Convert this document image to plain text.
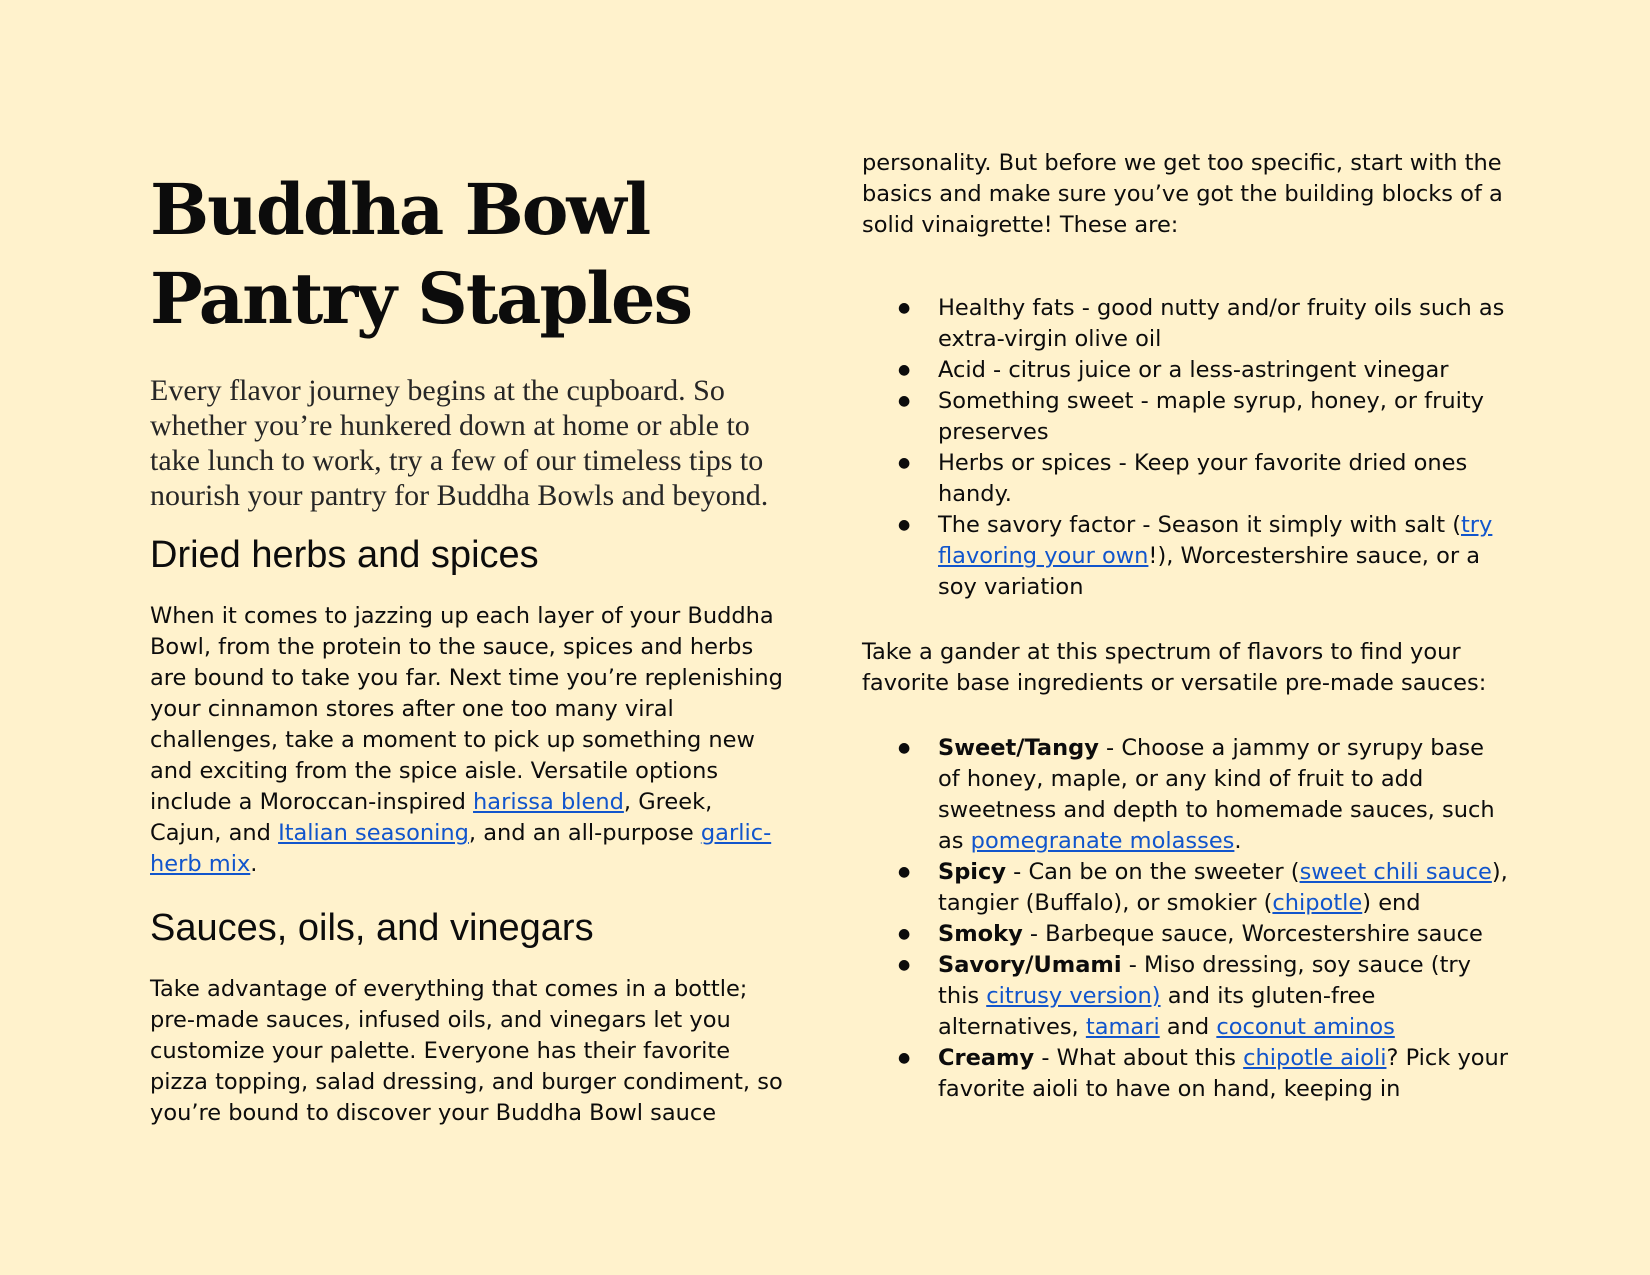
Buddha Bowl
Pantry Staples

Every flavor journey begins at the cupboard. So whether you’re hunkered down at home or able to take lunch to work, try a few of our timeless tips to nourish your pantry for Buddha Bowls and beyond.

Dried herbs and spices

When it comes to jazzing up each layer of your Buddha Bowl, from the protein to the sauce, spices and herbs are bound to take you far. Next time you’re replenishing your cinnamon stores after one too many viral challenges, take a moment to pick up something new and exciting from the spice aisle. Versatile options include a Moroccan-inspired harissa blend, Greek, Cajun, and Italian seasoning, and an all-purpose garlic-herb mix.

Sauces, oils, and vinegars

Take advantage of everything that comes in a bottle; pre-made sauces, infused oils, and vinegars let you customize your palette. Everyone has their favorite pizza topping, salad dressing, and burger condiment, so you’re bound to discover your Buddha Bowl sauce

personality. But before we get too specific, start with the basics and make sure you’ve got the building blocks of a solid vinaigrette! These are:

● Healthy fats - good nutty and/or fruity oils such as extra-virgin olive oil
● Acid - citrus juice or a less-astringent vinegar
● Something sweet - maple syrup, honey, or fruity preserves
● Herbs or spices - Keep your favorite dried ones handy.
● The savory factor - Season it simply with salt (try flavoring your own!), Worcestershire sauce, or a soy variation

Take a gander at this spectrum of flavors to find your favorite base ingredients or versatile pre-made sauces:

● Sweet/Tangy - Choose a jammy or syrupy base of honey, maple, or any kind of fruit to add sweetness and depth to homemade sauces, such as pomegranate molasses.
● Spicy - Can be on the sweeter (sweet chili sauce), tangier (Buffalo), or smokier (chipotle) end
● Smoky - Barbeque sauce, Worcestershire sauce
● Savory/Umami - Miso dressing, soy sauce (try this citrusy version) and its gluten-free alternatives, tamari and coconut aminos
● Creamy - What about this chipotle aioli? Pick your favorite aioli to have on hand, keeping in
